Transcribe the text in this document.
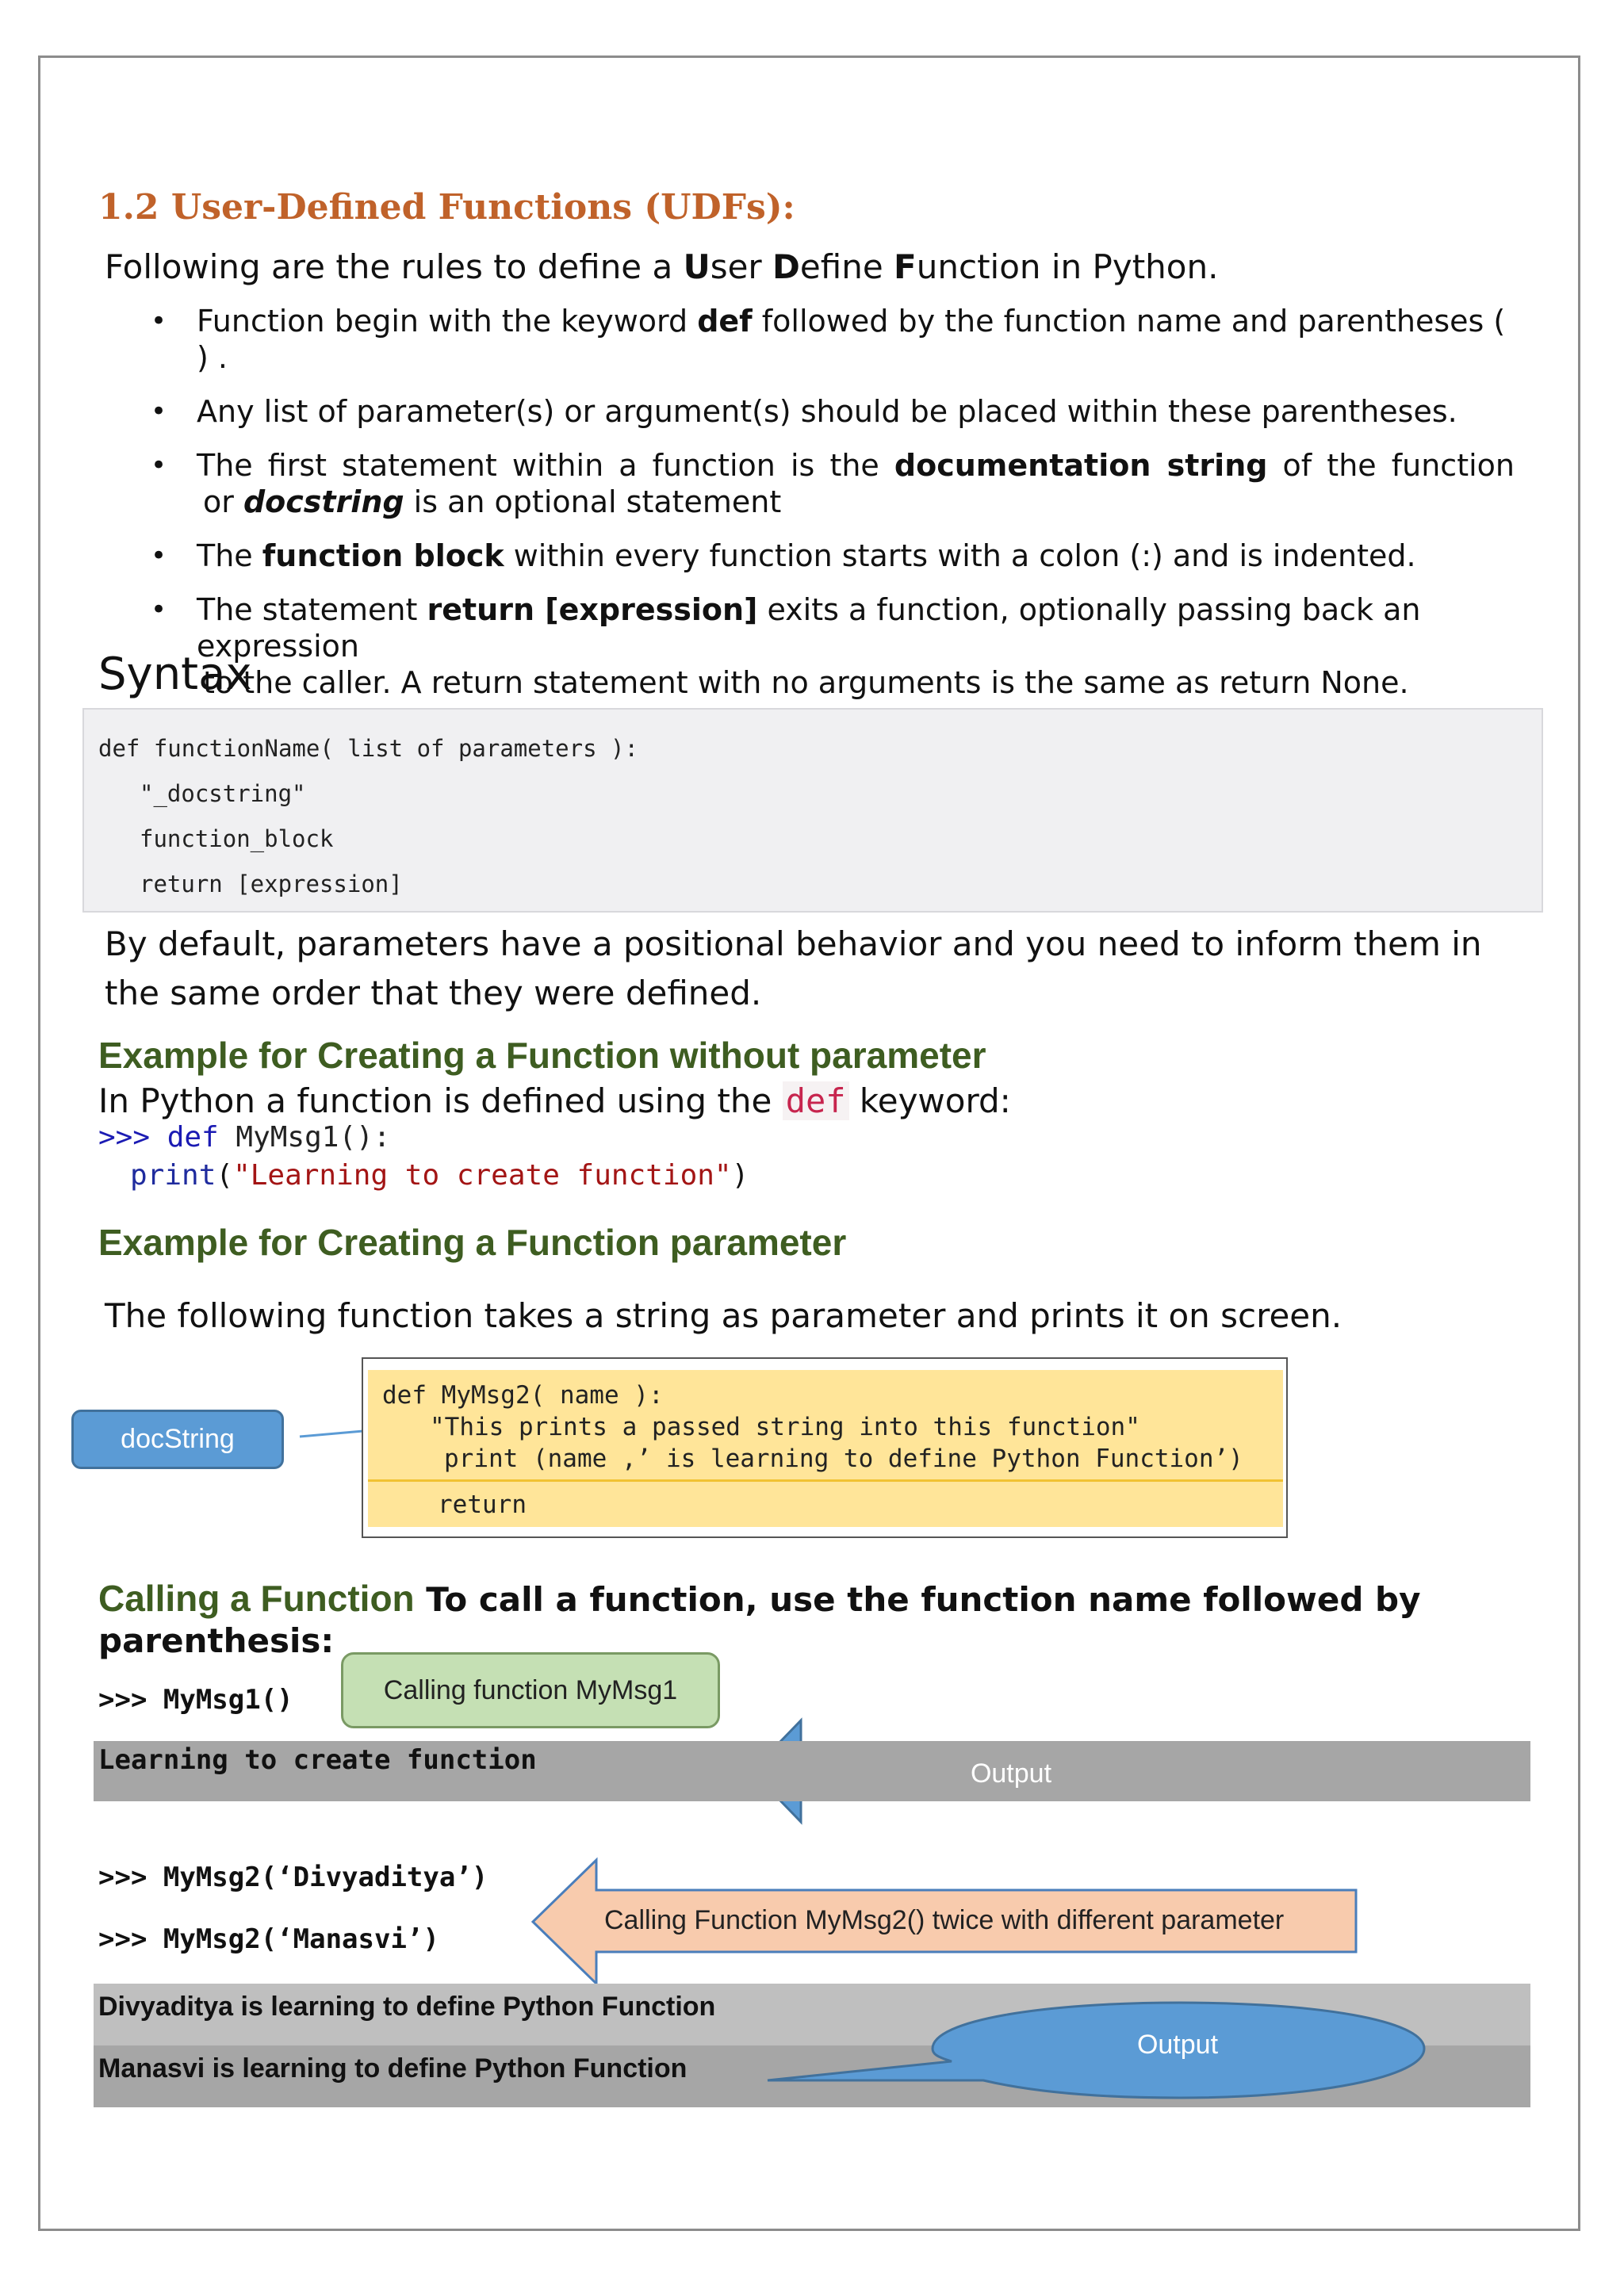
1.2 User-Defined Functions (UDFs):
Following are the rules to define a User Define Function in Python.
• Function begin with the keyword def followed by the function name and parentheses ( ) .
• Any list of parameter(s) or argument(s) should be placed within these parentheses.
• The first statement within a function is the documentation string of the function
or docstring is an optional statement
• The function block within every function starts with a colon (:) and is indented.
• The statement return [expression] exits a function, optionally passing back an expression
to the caller. A return statement with no arguments is the same as return None.
Syntax
def functionName( list of parameters ):
"_docstring"
function_block
return [expression]
By default, parameters have a positional behavior and you need to inform them in the same order that they were defined.
Example for Creating a Function without parameter
In Python a function is defined using the def keyword:
>>> def MyMsg1():
print("Learning to create function")
Example for Creating a Function parameter
The following function takes a string as parameter and prints it on screen.
docString
def MyMsg2( name ):
"This prints a passed string into this function"
print (name ,’ is learning to define Python Function’)
return
Calling a Function To call a function, use the function name followed by parenthesis:
>>> MyMsg1()	Calling function MyMsg1
Learning to create function	Output
>>> MyMsg2(‘Divyaditya’)
>>> MyMsg2(‘Manasvi’)
Calling Function MyMsg2() twice with different parameter
Divyaditya is learning to define Python Function
Manasvi is learning to define Python Function
Output
